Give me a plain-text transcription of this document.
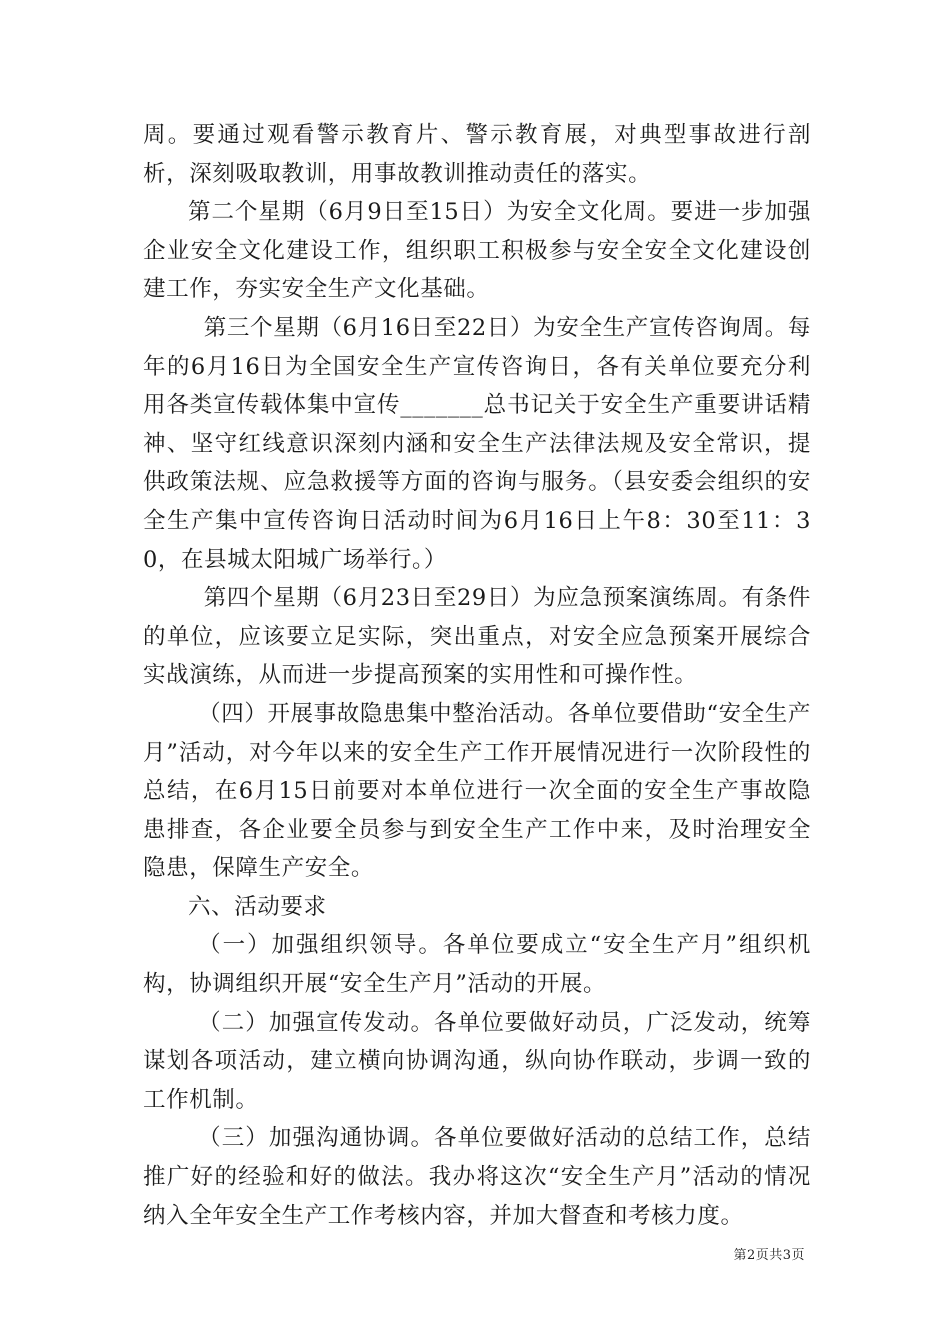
周。要通过观看警示教育片、警示教育展，对典型事故进行剖析，深刻吸取教训，用事故教训推动责任的落实。

第二个星期（6月9日至15日）为安全文化周。要进一步加强企业安全文化建设工作，组织职工积极参与安全安全文化建设创建工作，夯实安全生产文化基础。

第三个星期（6月16日至22日）为安全生产宣传咨询周。每年的6月16日为全国安全生产宣传咨询日，各有关单位要充分利用各类宣传载体集中宣传_______总书记关于安全生产重要讲话精神、坚守红线意识深刻内涵和安全生产法律法规及安全常识，提供政策法规、应急救援等方面的咨询与服务。（县安委会组织的安全生产集中宣传咨询日活动时间为6月16日上午8：30至11：30，在县城太阳城广场举行。）

第四个星期（6月23日至29日）为应急预案演练周。有条件的单位，应该要立足实际，突出重点，对安全应急预案开展综合实战演练，从而进一步提高预案的实用性和可操作性。

（四）开展事故隐患集中整治活动。各单位要借助“安全生产月”活动，对今年以来的安全生产工作开展情况进行一次阶段性的总结，在6月15日前要对本单位进行一次全面的安全生产事故隐患排查，各企业要全员参与到安全生产工作中来，及时治理安全隐患，保障生产安全。

六、活动要求

（一）加强组织领导。各单位要成立“安全生产月”组织机构，协调组织开展“安全生产月”活动的开展。

（二）加强宣传发动。各单位要做好动员，广泛发动，统筹谋划各项活动，建立横向协调沟通，纵向协作联动，步调一致的工作机制。

（三）加强沟通协调。各单位要做好活动的总结工作，总结推广好的经验和好的做法。我办将这次“安全生产月”活动的情况纳入全年安全生产工作考核内容，并加大督查和考核力度。

第2页共3页
